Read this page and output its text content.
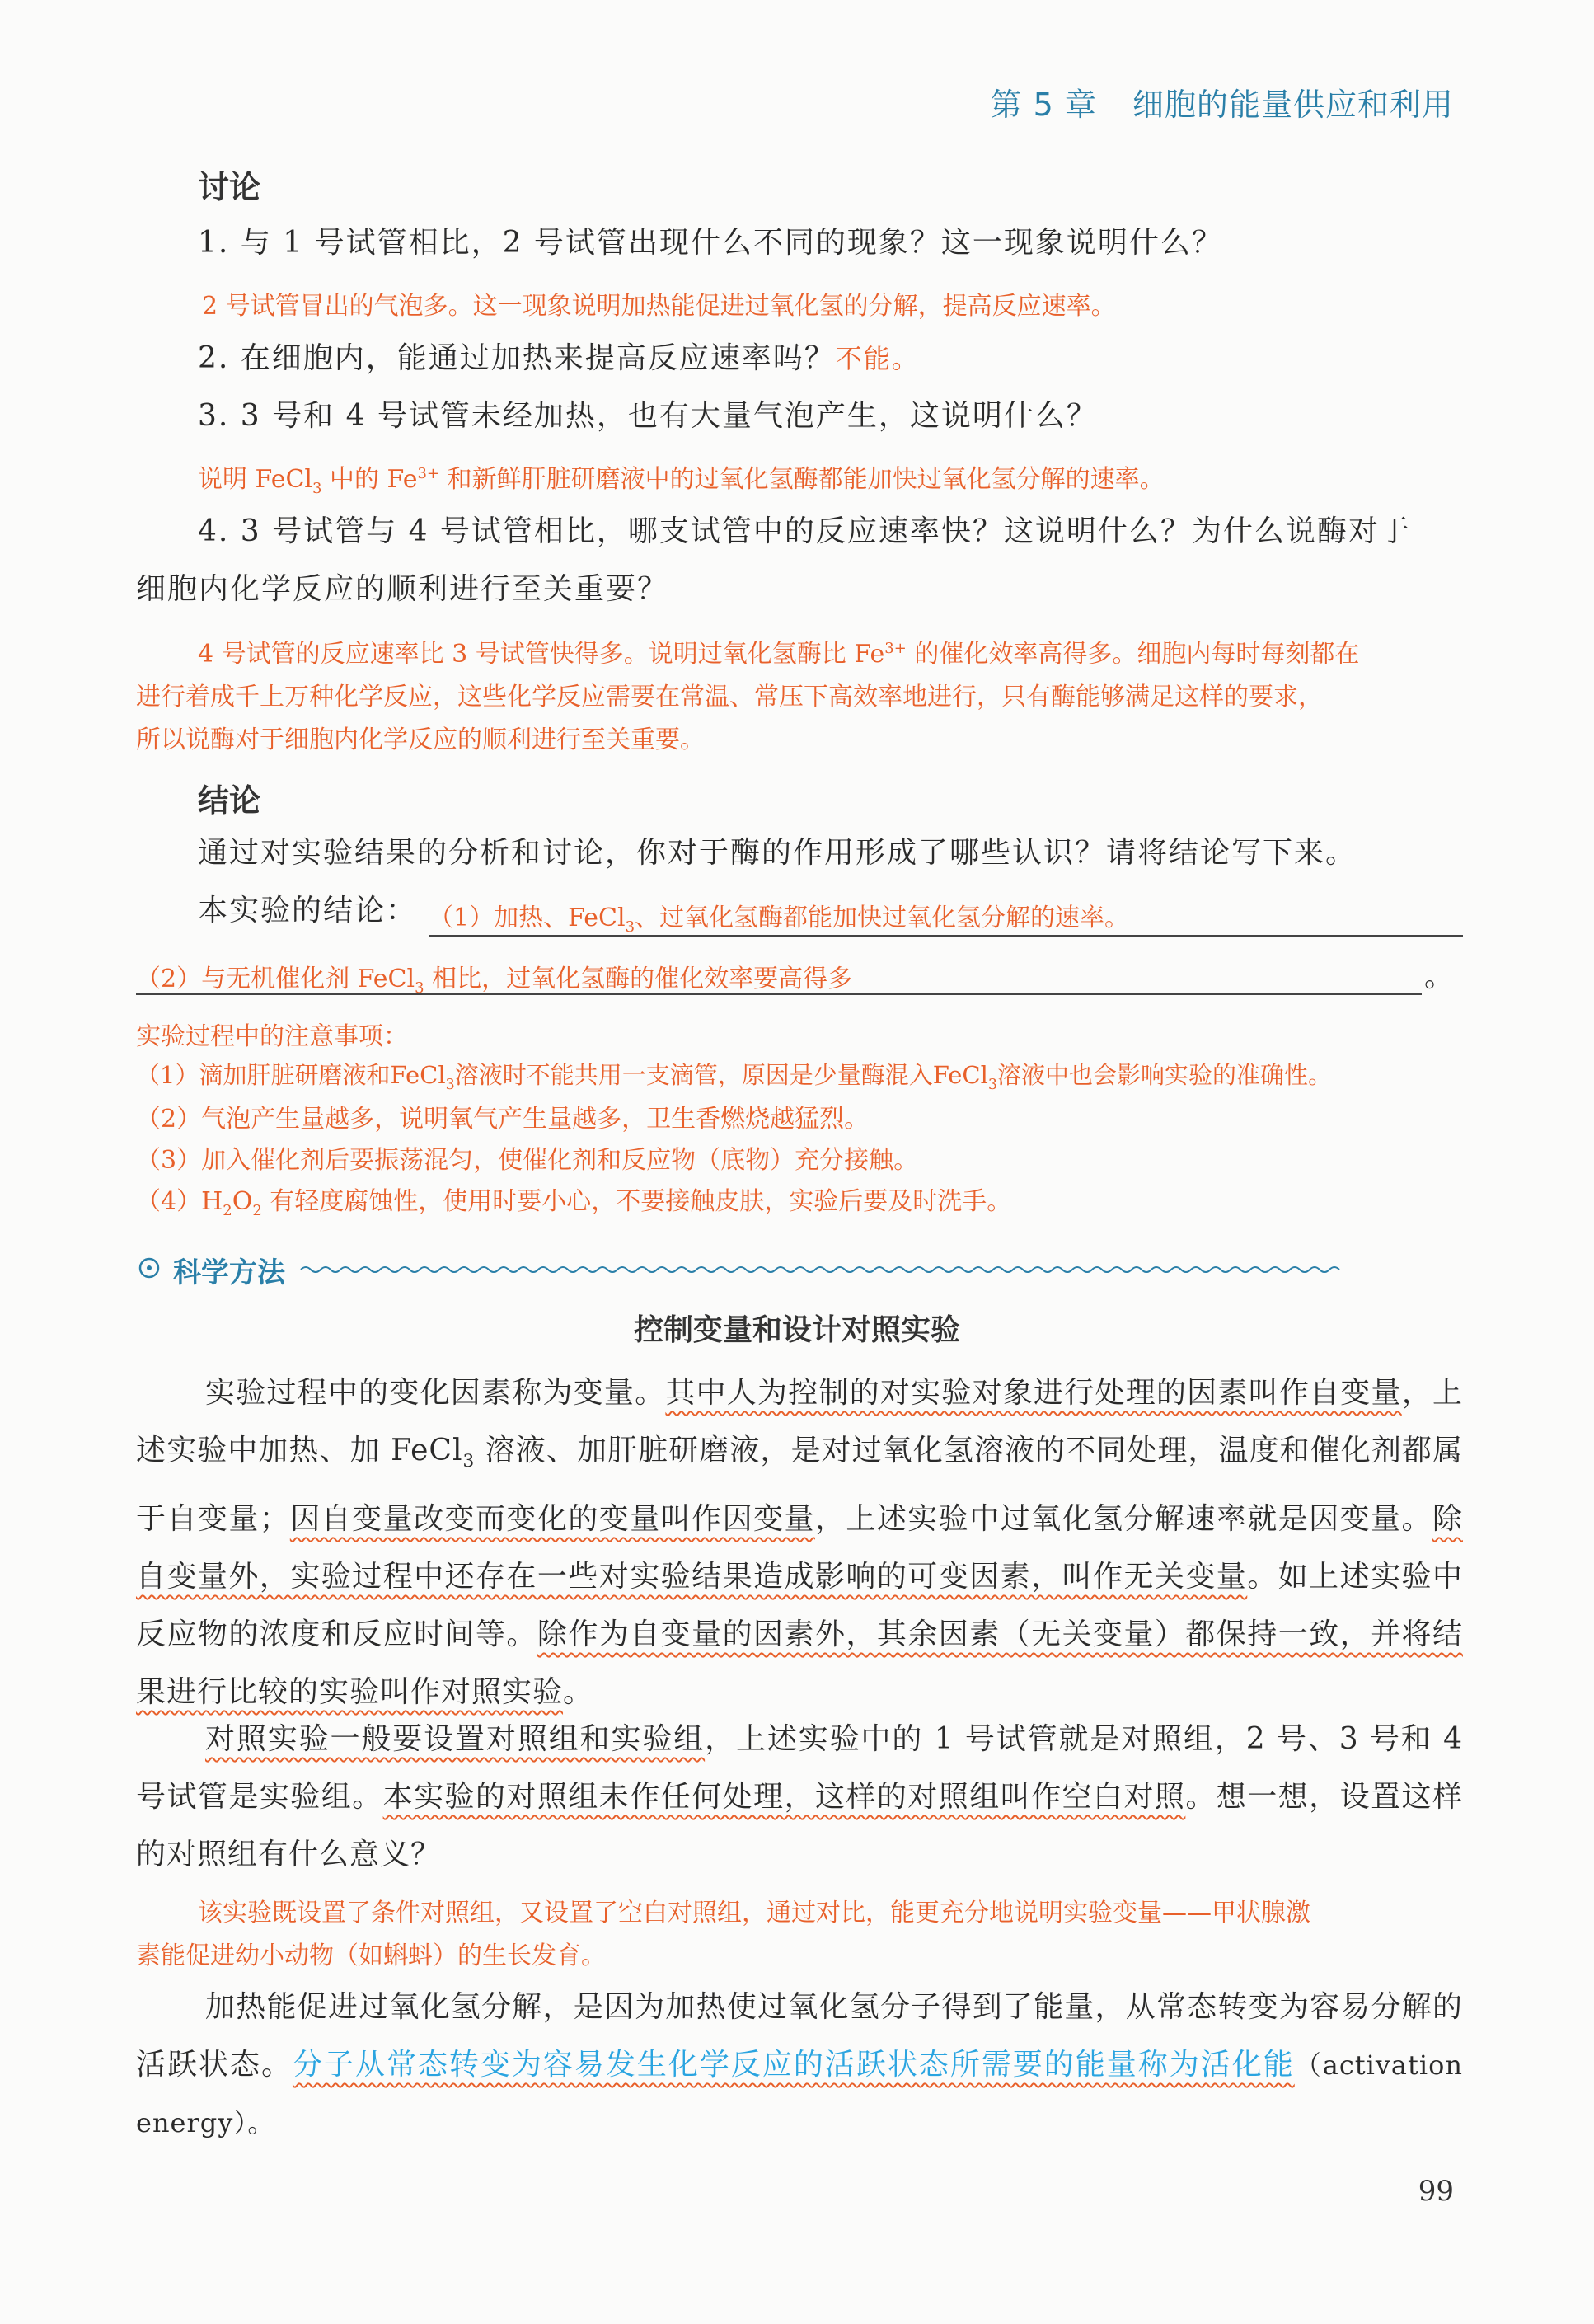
第 5 章 细胞的能量供应和利用
讨论
1. 与 1 号试管相比，2 号试管出现什么不同的现象？这一现象说明什么？
2 号试管冒出的气泡多。这一现象说明加热能促进过氧化氢的分解，提高反应速率。
2. 在细胞内，能通过加热来提高反应速率吗？不能。
3. 3 号和 4 号试管未经加热，也有大量气泡产生，这说明什么？
说明 FeCl$_3$ 中的 $Fe^{3+}$ 和新鲜肝脏研磨液中的过氧化氢酶都能加快过氧化氢分解的速率。
4. 3 号试管与 4 号试管相比，哪支试管中的反应速率快？这说明什么？为什么说酶对于
细胞内化学反应的顺利进行至关重要？
4 号试管的反应速率比 3 号试管快得多。说明过氧化氢酶比 $Fe^{3+}$ 的催化效率高得多。细胞内每时每刻都在
进行着成千上万种化学反应，这些化学反应需要在常温、常压下高效率地进行，只有酶能够满足这样的要求，
所以说酶对于细胞内化学反应的顺利进行至关重要。
结论
通过对实验结果的分析和讨论，你对于酶的作用形成了哪些认识？请将结论写下来。
本实验的结论： （1）加热、FeCl$_3$、过氧化氢酶都能加快过氧化氢分解的速率。
（2）与无机催化剂 FeCl$_3$ 相比，过氧化氢酶的催化效率要高得多	。
实验过程中的注意事项：
（1）滴加肝脏研磨液和FeCl$_3$溶液时不能共用一支滴管，原因是少量酶混入FeCl$_3$溶液中也会影响实验的准确性。
（2）气泡产生量越多，说明氧气产生量越多，卫生香燃烧越猛烈。
（3）加入催化剂后要振荡混匀，使催化剂和反应物（底物）充分接触。
$(4)H_2O_2$ 有轻度腐蚀性，使用时要小心，不要接触皮肤，实验后要及时洗手。
科学方法
控制变量和设计对照实验
实验过程中的变化因素称为变量。其中人为控制的对实验对象进行处理的因素叫作自变量，上述实验中加热、加 FeCl$_3$ 溶液、加肝脏研磨液，是对过氧化氢溶液的不同处理，温度和催化剂都属于自变量；因自变量改变而变化的变量叫作因变量，上述实验中过氧化氢分解速率就是因变量。除自变量外，实验过程中还存在一些对实验结果造成影响的可变因素，叫作无关变量。如上述实验中反应物的浓度和反应时间等。除作为自变量的因素外，其余因素（无关变量）都保持一致，并将结果进行比较的实验叫作对照实验。
对照实验一般要设置对照组和实验组，上述实验中的 1 号试管就是对照组，2 号、3 号和 4 号试管是实验组。本实验的对照组未作任何处理，这样的对照组叫作空白对照。想一想，设置这样的对照组有什么意义？
该实验既设置了条件对照组，又设置了空白对照组，通过对比，能更充分地说明实验变量——甲状腺激
素能促进幼小动物（如蝌蚪）的生长发育。
加热能促进过氧化氢分解，是因为加热使过氧化氢分子得到了能量，从常态转变为容易分解的活跃状态。分子从常态转变为容易发生化学反应的活跃状态所需要的能量称为活化能（activation energy）。
99
